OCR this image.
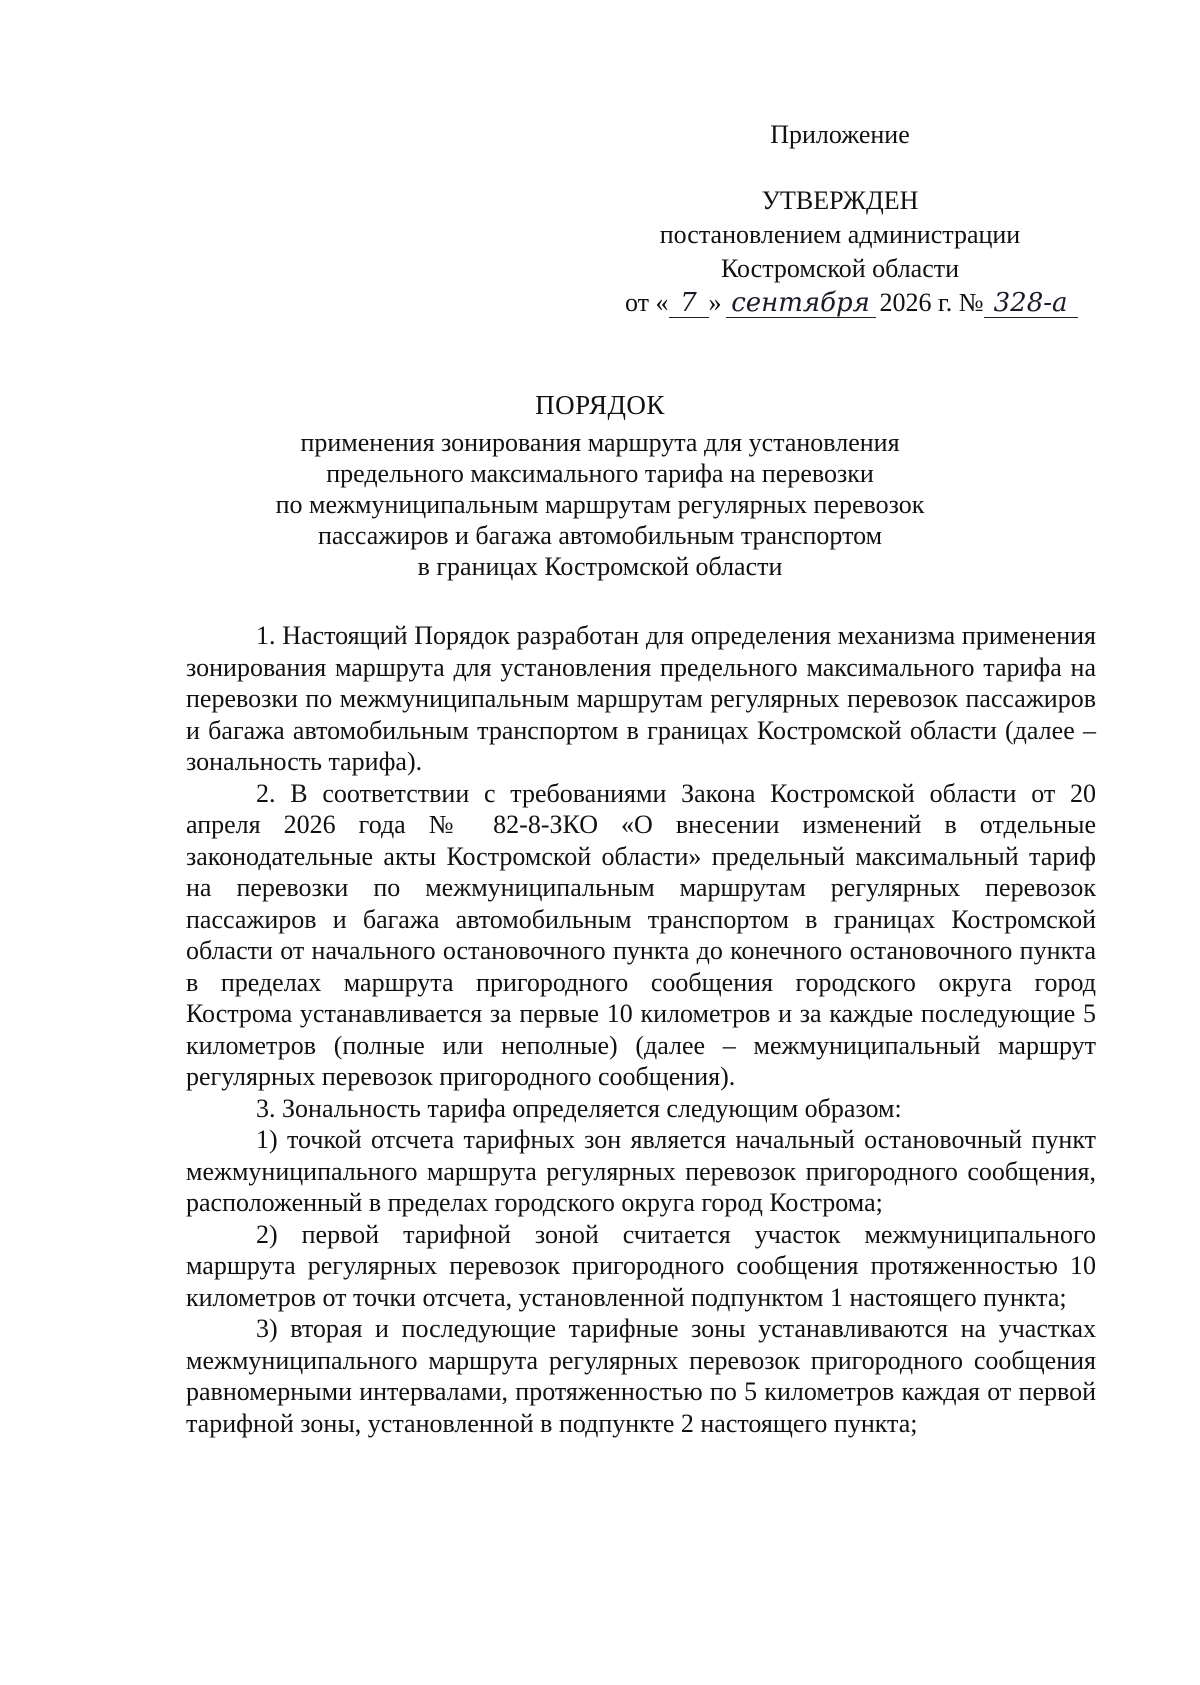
Приложение
УТВЕРЖДЕН
постановлением администрации
Костромской области
от « 7 » сентября 2026 г. № 328-а
ПОРЯДОК
применения зонирования маршрута для установления
предельного максимального тарифа на перевозки
по межмуниципальным маршрутам регулярных перевозок
пассажиров и багажа автомобильным транспортом
в границах Костромской области

1. Настоящий Порядок разработан для определения механизма применения зонирования маршрута для установления предельного максимального тарифа на перевозки по межмуниципальным маршрутам регулярных перевозок пассажиров и багажа автомобильным транспортом в границах Костромской области (далее – зональность тарифа).

2. В соответствии с требованиями Закона Костромской области от 20 апреля 2026 года № 82-8-ЗКО «О внесении изменений в отдельные законодательные акты Костромской области» предельный максимальный тариф на перевозки по межмуниципальным маршрутам регулярных перевозок пассажиров и багажа автомобильным транспортом в границах Костромской области от начального остановочного пункта до конечного остановочного пункта в пределах маршрута пригородного сообщения городского округа город Кострома устанавливается за первые 10 километров и за каждые последующие 5 километров (полные или неполные) (далее – межмуниципальный маршрут регулярных перевозок пригородного сообщения).

3. Зональность тарифа определяется следующим образом:

1) точкой отсчета тарифных зон является начальный остановочный пункт межмуниципального маршрута регулярных перевозок пригородного сообщения, расположенный в пределах городского округа город Кострома;

2) первой тарифной зоной считается участок межмуниципального маршрута регулярных перевозок пригородного сообщения протяженностью 10 километров от точки отсчета, установленной подпунктом 1 настоящего пункта;

3) вторая и последующие тарифные зоны устанавливаются на участках межмуниципального маршрута регулярных перевозок пригородного сообщения равномерными интервалами, протяженностью по 5 километров каждая от первой тарифной зоны, установленной в подпункте 2 настоящего пункта;
